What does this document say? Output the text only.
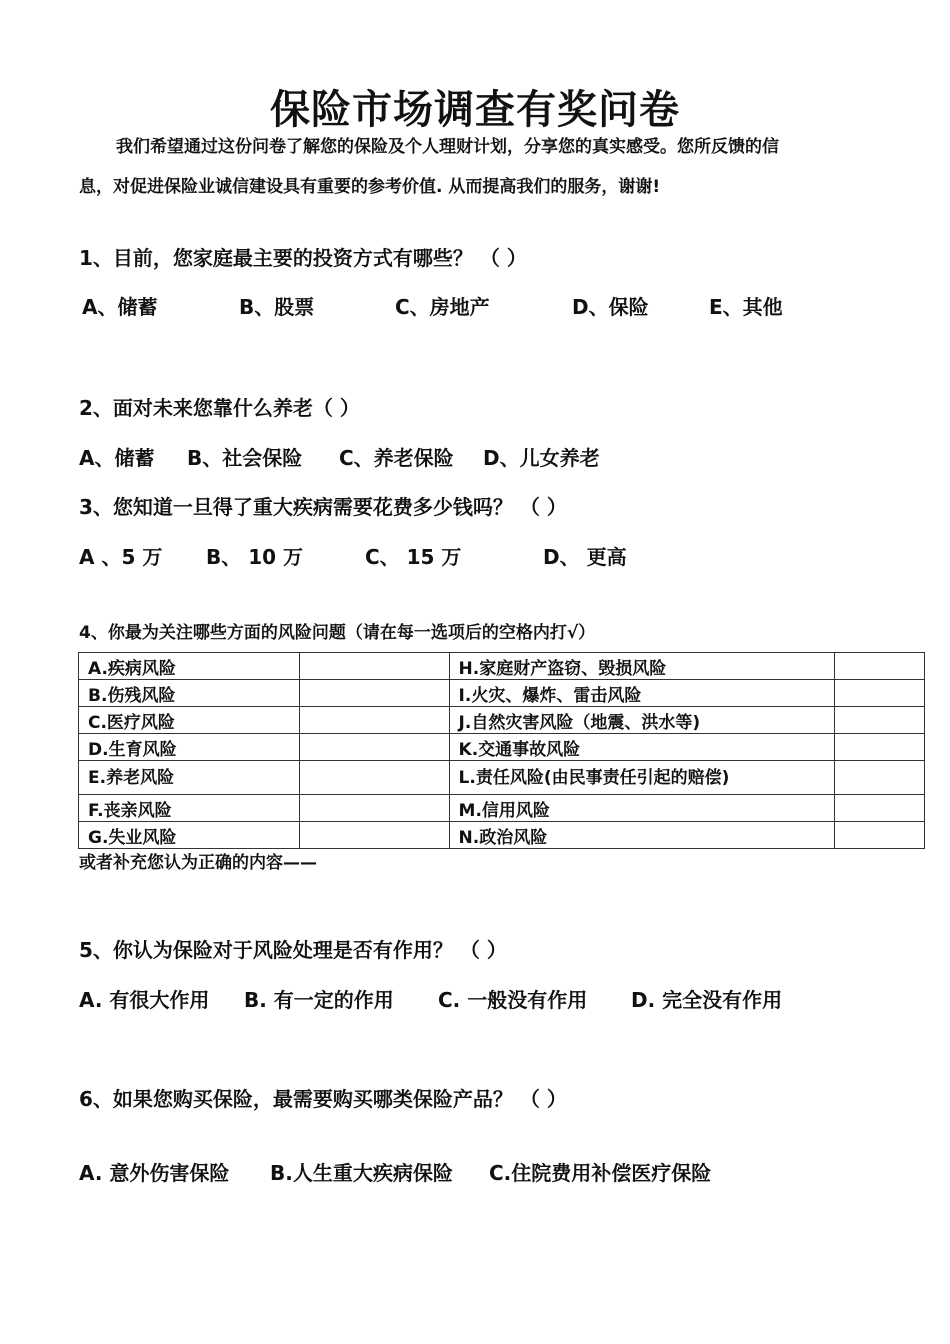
保险市场调查有奖问卷
我们希望通过这份问卷了解您的保险及个人理财计划，分享您的真实感受。您所反馈的信
息，对促进保险业诚信建设具有重要的参考价值. 从而提高我们的服务，谢谢!
1、目前，您家庭最主要的投资方式有哪些？ （ ）
A、储蓄	B、股票	C、房地产	D、保险	E、其他
2、面对未来您靠什么养老（ ）
A、储蓄 B、社会保险 C、养老保险 D、儿女养老
3、您知道一旦得了重大疾病需要花费多少钱吗？ （ ）
A 、5 万 B、 10 万	C、 15 万	D、 更高
4、你最为关注哪些方面的风险问题（请在每一选项后的空格内打√）
A.疾病风险		H.家庭财产盗窃、毁损风险	
B.伤残风险		I.火灾、爆炸、雷击风险	
C.医疗风险		J.自然灾害风险（地震、洪水等)	
D.生育风险		K.交通事故风险	
E.养老风险		L.责任风险(由民事责任引起的赔偿)	
F.丧亲风险		M.信用风险	
G.失业风险		N.政治风险	
或者补充您认为正确的内容——
5、你认为保险对于风险处理是否有作用？ （ ）
A. 有很大作用 B. 有一定的作用 C. 一般没有作用 D. 完全没有作用
6、如果您购买保险，最需要购买哪类保险产品？ （ ）
A. 意外伤害保险 B.人生重大疾病保险 C.住院费用补偿医疗保险
